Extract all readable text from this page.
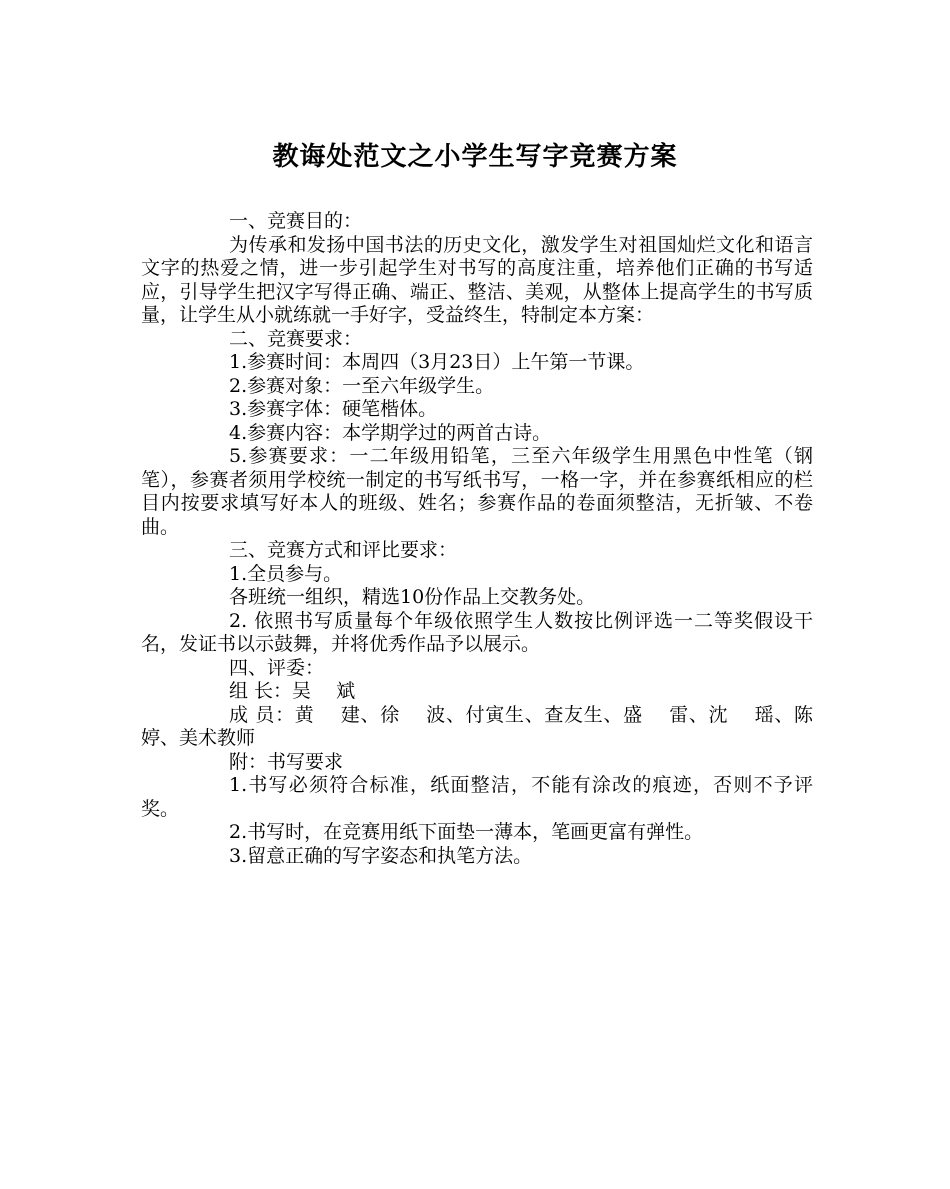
教诲处范文之小学生写字竞赛方案

一、竞赛目的：

为传承和发扬中国书法的历史文化，激发学生对祖国灿烂文化和语言文字的热爱之情，进一步引起学生对书写的高度注重，培养他们正确的书写适应，引导学生把汉字写得正确、端正、整洁、美观，从整体上提高学生的书写质量，让学生从小就练就一手好字，受益终生，特制定本方案：

二、竞赛要求：

1.参赛时间：本周四（3月23日）上午第一节课。

2.参赛对象：一至六年级学生。

3.参赛字体：硬笔楷体。

4.参赛内容：本学期学过的两首古诗。

5.参赛要求：一二年级用铅笔，三至六年级学生用黑色中性笔（钢笔），参赛者须用学校统一制定的书写纸书写，一格一字，并在参赛纸相应的栏目内按要求填写好本人的班级、姓名；参赛作品的卷面须整洁，无折皱、不卷曲。

三、竞赛方式和评比要求：

1.全员参与。

各班统一组织，精选10份作品上交教务处。

2. 依照书写质量每个年级依照学生人数按比例评选一二等奖假设干名，发证书以示鼓舞，并将优秀作品予以展示。

四、评委：

组 长：吴　 斌

成 员：黄　 建、徐　 波、付寅生、查友生、盛　 雷、沈　 瑶、陈　 婷、美术教师

附：书写要求

1.书写必须符合标准，纸面整洁，不能有涂改的痕迹，否则不予评奖。

2.书写时，在竞赛用纸下面垫一薄本，笔画更富有弹性。

3.留意正确的写字姿态和执笔方法。
